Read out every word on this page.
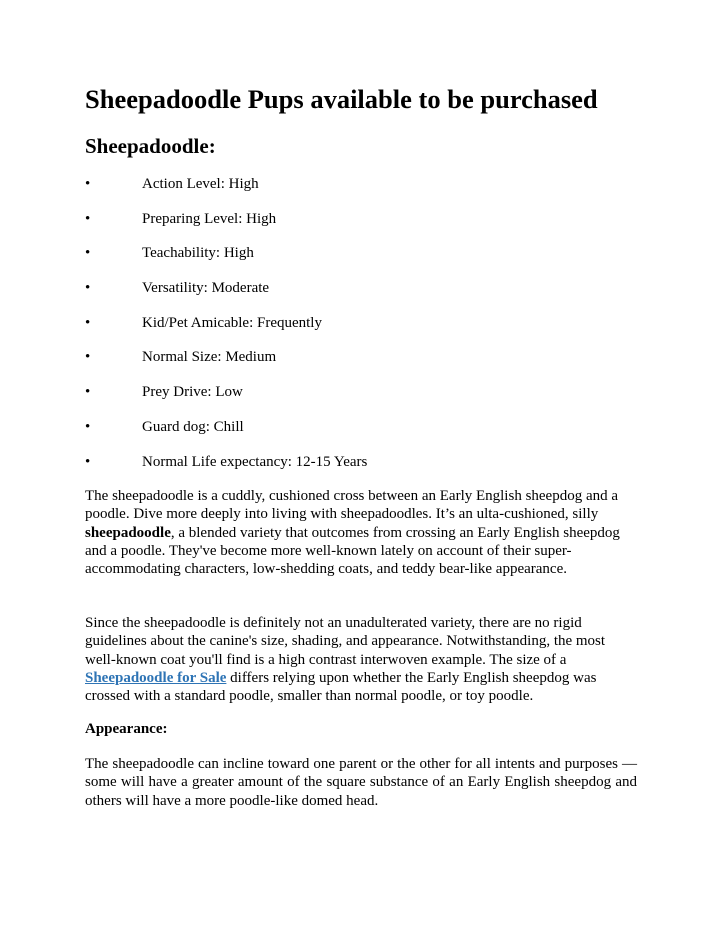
Sheepadoodle Pups available to be purchased
Sheepadoodle:
•	Action Level: High
•	Preparing Level: High
•	Teachability: High
•	Versatility: Moderate
•	Kid/Pet Amicable: Frequently
•	Normal Size: Medium
•	Prey Drive: Low
•	Guard dog: Chill
•	Normal Life expectancy: 12-15 Years

The sheepadoodle is a cuddly, cushioned cross between an Early English sheepdog and a poodle. Dive more deeply into living with sheepadoodles. It’s an ulta-cushioned, silly sheepadoodle, a blended variety that outcomes from crossing an Early English sheepdog and a poodle. They've become more well-known lately on account of their super-accommodating characters, low-shedding coats, and teddy bear-like appearance.

Since the sheepadoodle is definitely not an unadulterated variety, there are no rigid guidelines about the canine's size, shading, and appearance. Notwithstanding, the most well-known coat you'll find is a high contrast interwoven example. The size of a Sheepadoodle for Sale differs relying upon whether the Early English sheepdog was crossed with a standard poodle, smaller than normal poodle, or toy poodle.

Appearance:

The sheepadoodle can incline toward one parent or the other for all intents and purposes — some will have a greater amount of the square substance of an Early English sheepdog and others will have a more poodle-like domed head.
